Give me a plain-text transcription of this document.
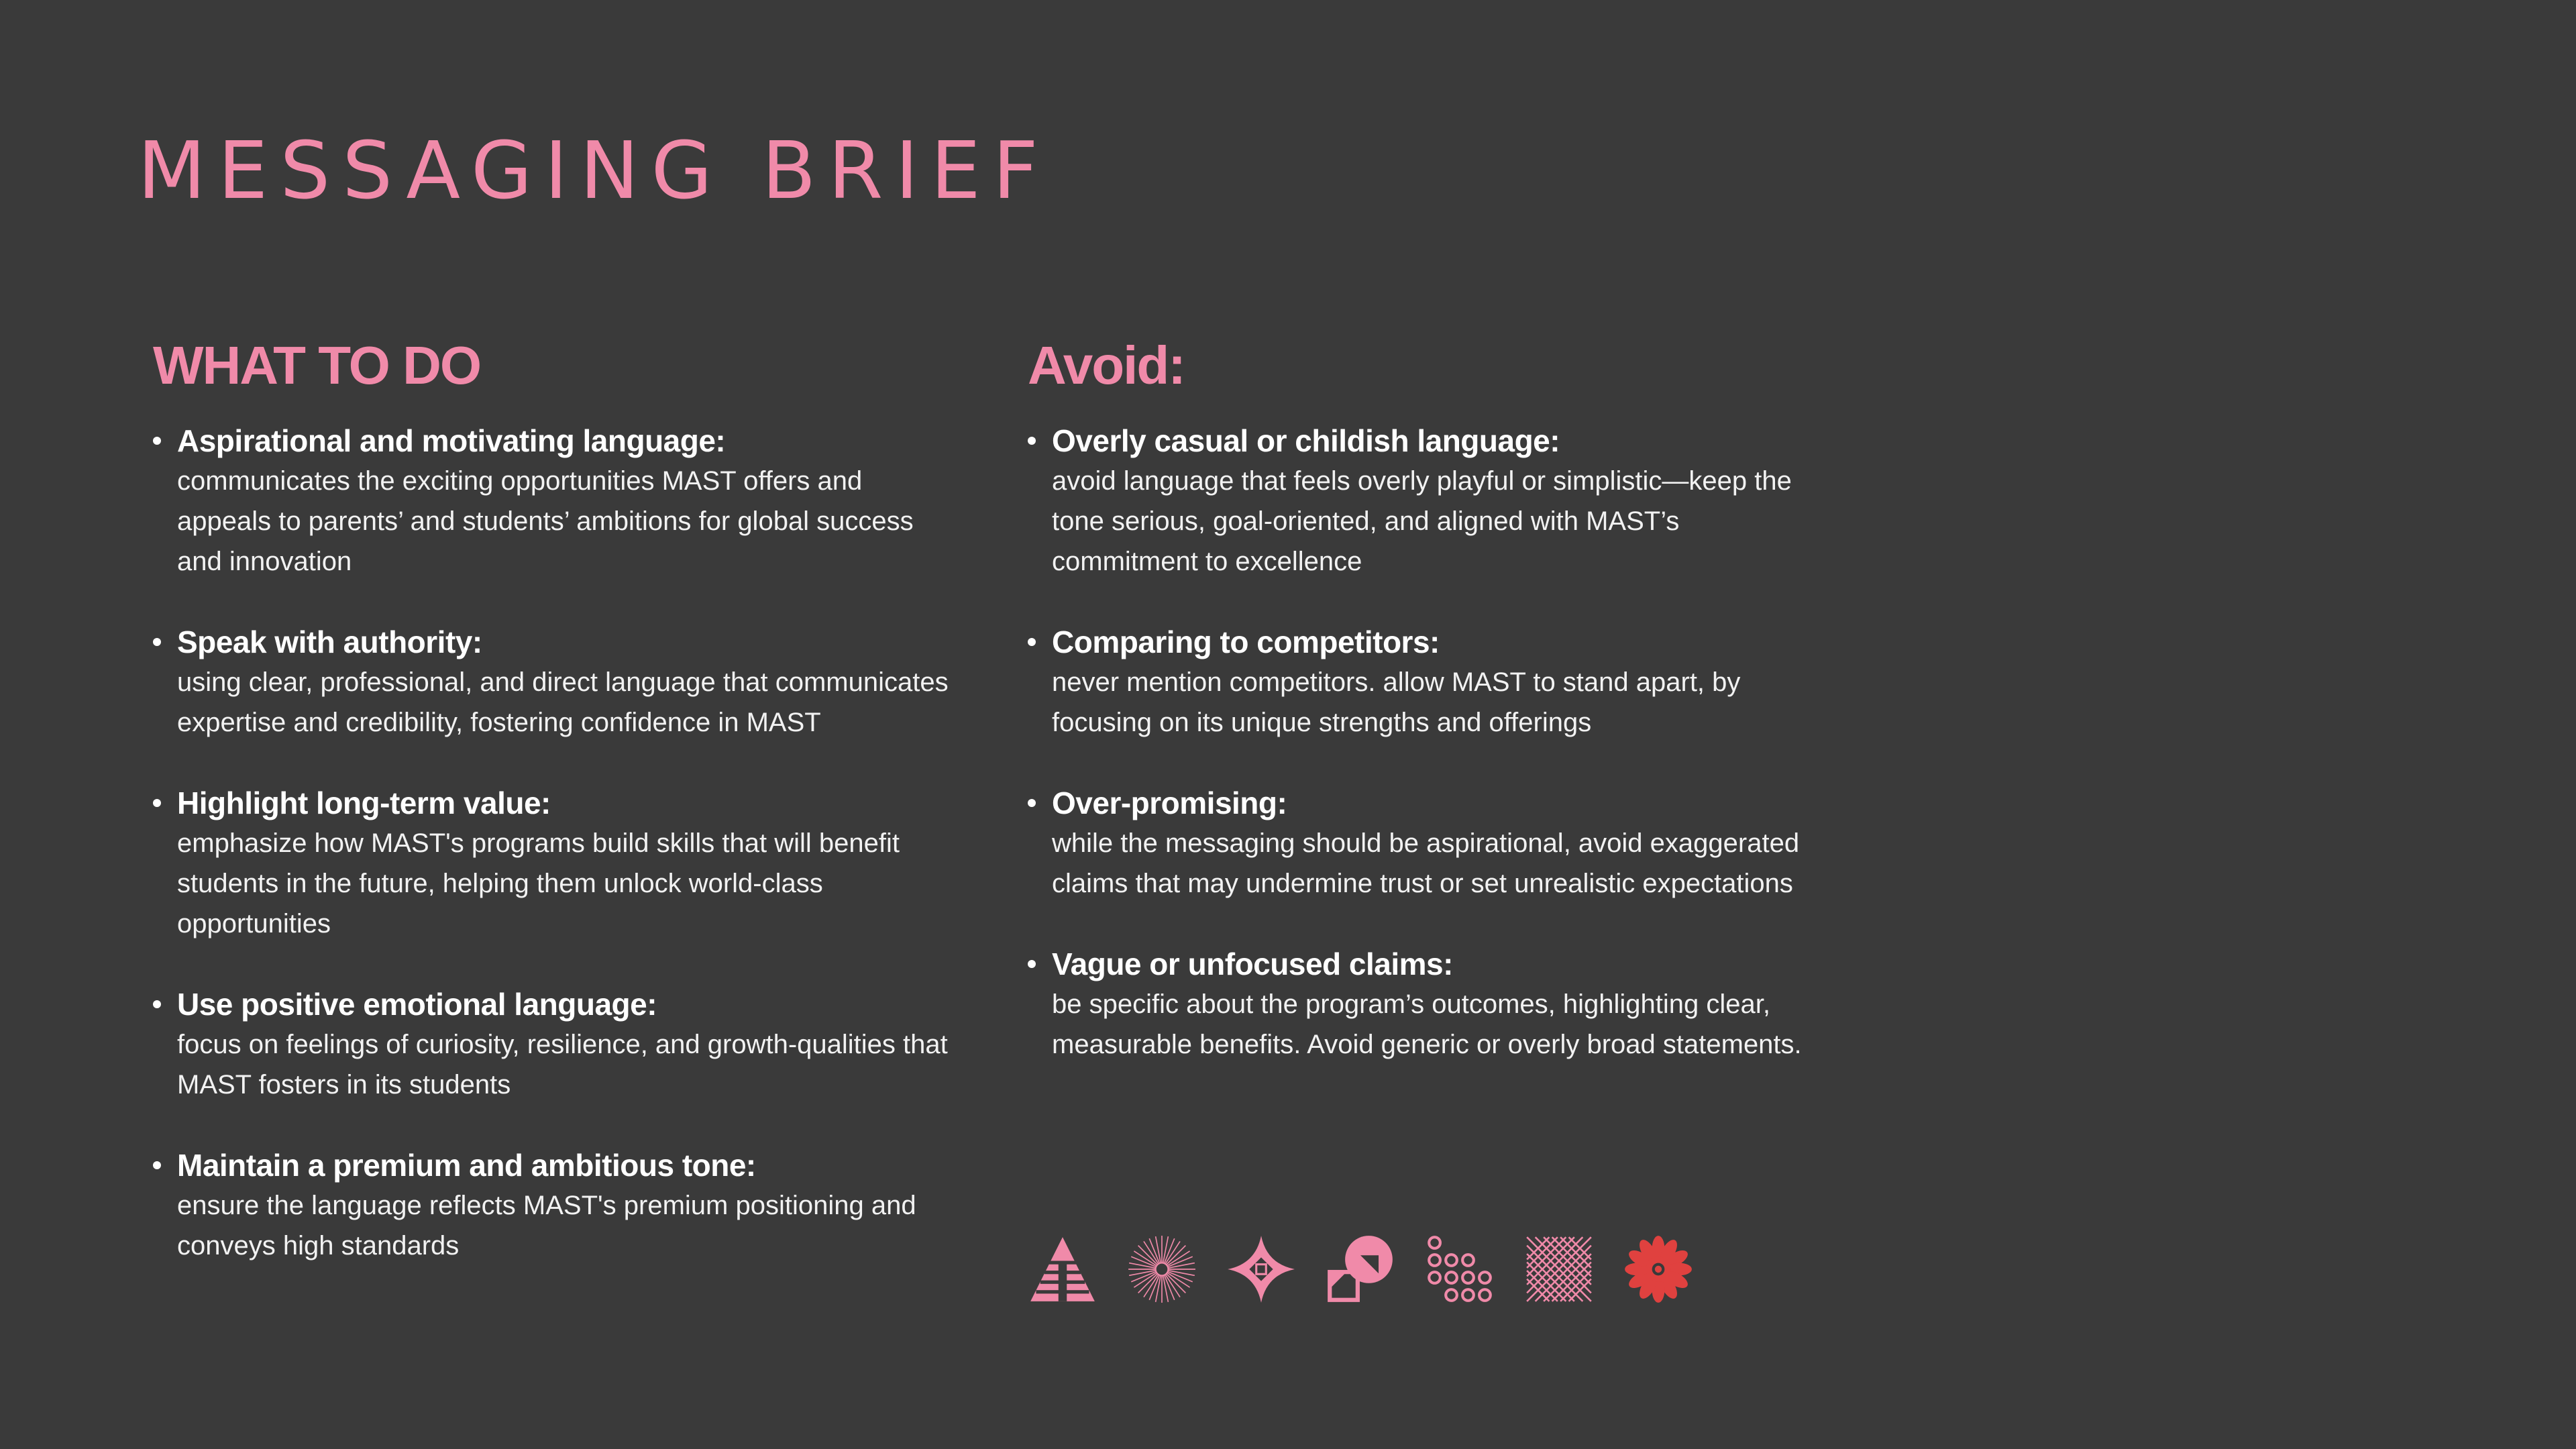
MESSAGING BRIEF
WHAT TO DO
Aspirational and motivating language:
communicates the exciting opportunities MAST offers and appeals to parents’ and students’ ambitions for global success and innovation
Speak with authority:
using clear, professional, and direct language that communicates expertise and credibility, fostering confidence in MAST
Highlight long-term value:
emphasize how MAST's programs build skills that will benefit students in the future, helping them unlock world-class opportunities
Use positive emotional language:
focus on feelings of curiosity, resilience, and growth-qualities that MAST fosters in its students
Maintain a premium and ambitious tone:
ensure the language reflects MAST's premium positioning and conveys high standards
Avoid:
Overly casual or childish language:
avoid language that feels overly playful or simplistic—keep the tone serious, goal-oriented, and aligned with MAST’s commitment to excellence
Comparing to competitors:
never mention competitors. allow MAST to stand apart, by focusing on its unique strengths and offerings
Over-promising:
while the messaging should be aspirational, avoid exaggerated claims that may undermine trust or set unrealistic expectations
Vague or unfocused claims:
be specific about the program’s outcomes, highlighting clear, measurable benefits. Avoid generic or overly broad statements.
